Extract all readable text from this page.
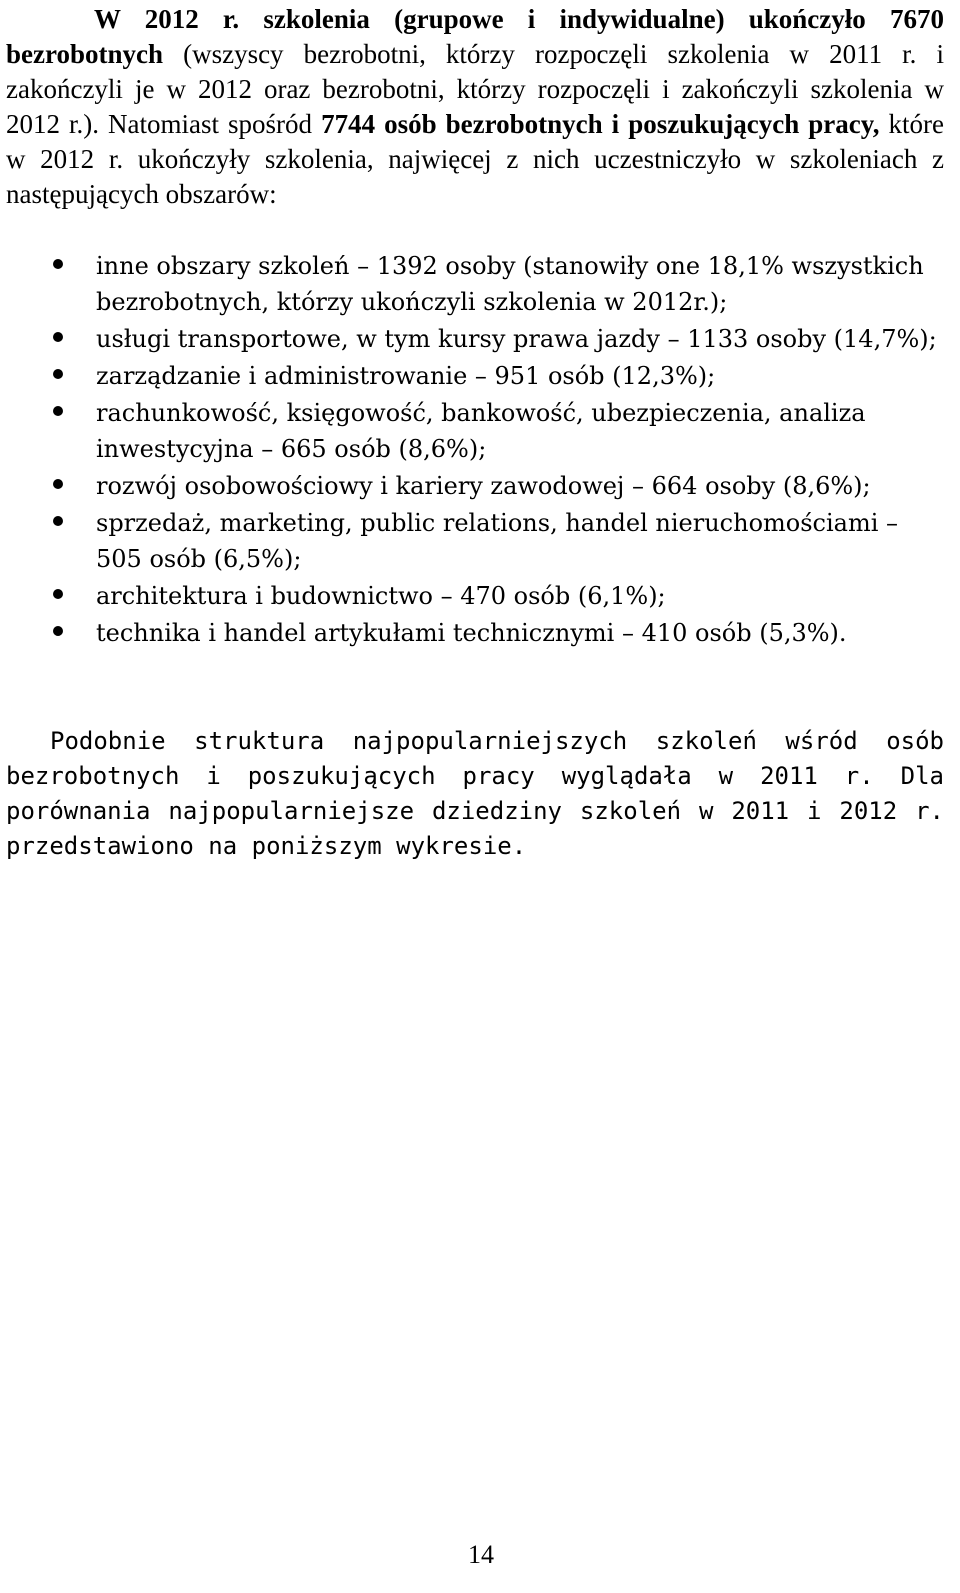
W 2012 r. szkolenia (grupowe i indywidualne) ukończyło 7670 bezrobotnych (wszyscy bezrobotni, którzy rozpoczęli szkolenia w 2011 r. i zakończyli je w 2012 oraz bezrobotni, którzy rozpoczęli i zakończyli szkolenia w 2012 r.). Natomiast spośród 7744 osób bezrobotnych i poszukujących pracy, które w 2012 r. ukończyły szkolenia, najwięcej z nich uczestniczyło w szkoleniach z następujących obszarów:

inne obszary szkoleń – 1392 osoby (stanowiły one 18,1% wszystkich bezrobotnych, którzy ukończyli szkolenia w 2012r.);
usługi transportowe, w tym kursy prawa jazdy – 1133 osoby (14,7%);
zarządzanie i administrowanie – 951 osób (12,3%);
rachunkowość, księgowość, bankowość, ubezpieczenia, analiza inwestycyjna – 665 osób (8,6%);
rozwój osobowościowy i kariery zawodowej – 664 osoby (8,6%);
sprzedaż, marketing, public relations, handel nieruchomościami – 505 osób (6,5%);
architektura i budownictwo – 470 osób (6,1%);
technika i handel artykułami technicznymi – 410 osób (5,3%).

Podobnie struktura najpopularniejszych szkoleń wśród osób bezrobotnych i poszukujących pracy wyglądała w 2011 r. Dla porównania najpopularniejsze dziedziny szkoleń w 2011 i 2012 r. przedstawiono na poniższym wykresie.

14
